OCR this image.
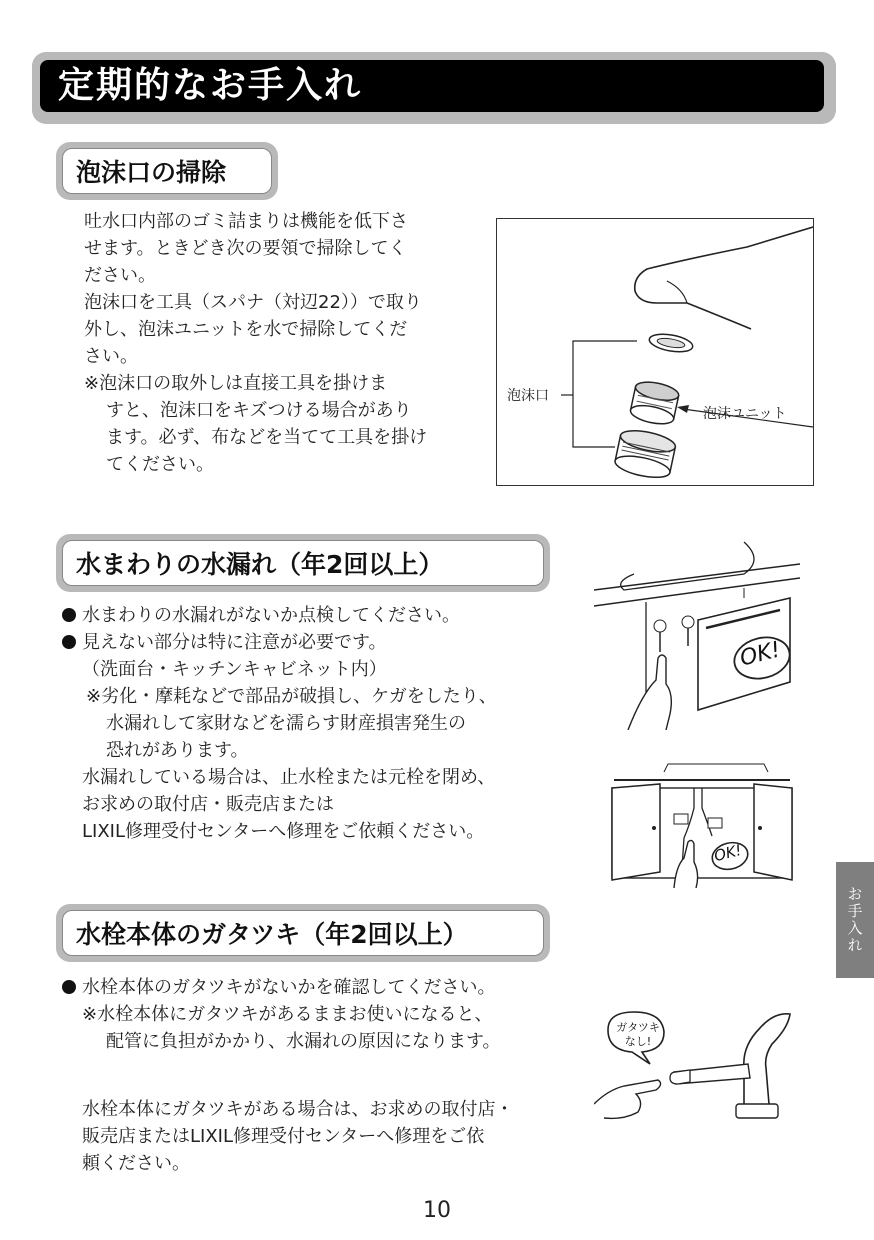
定期的なお手入れ
泡沫口の掃除
吐水口内部のゴミ詰まりは機能を低下さ
せます。ときどき次の要領で掃除してく
ださい。
泡沫口を工具（スパナ（対辺22））で取り
外し、泡沫ユニットを水で掃除してくだ
さい。
※泡沫口の取外しは直接工具を掛けま
すと、泡沫口をキズつける場合があり
ます。必ず、布などを当てて工具を掛け
てください。
泡沫口
泡沫ユニット
水まわりの水漏れ（年2回以上）
水まわりの水漏れがないか点検してください。
見えない部分は特に注意が必要です。
（洗面台・キッチンキャビネット内）
※劣化・摩耗などで部品が破損し、ケガをしたり、
水漏れして家財などを濡らす財産損害発生の
恐れがあります。
水漏れしている場合は、止水栓または元栓を閉め、
お求めの取付店・販売店または
LIXIL修理受付センターへ修理をご依頼ください。
OK!
OK!
水栓本体のガタツキ（年2回以上）
水栓本体のガタツキがないかを確認してください。
※水栓本体にガタツキがあるままお使いになると、
配管に負担がかかり、水漏れの原因になります。
水栓本体にガタツキがある場合は、お求めの取付店・
販売店またはLIXIL修理受付センターへ修理をご依
頼ください。
ガタツキ
なし!
お手入れ
10
